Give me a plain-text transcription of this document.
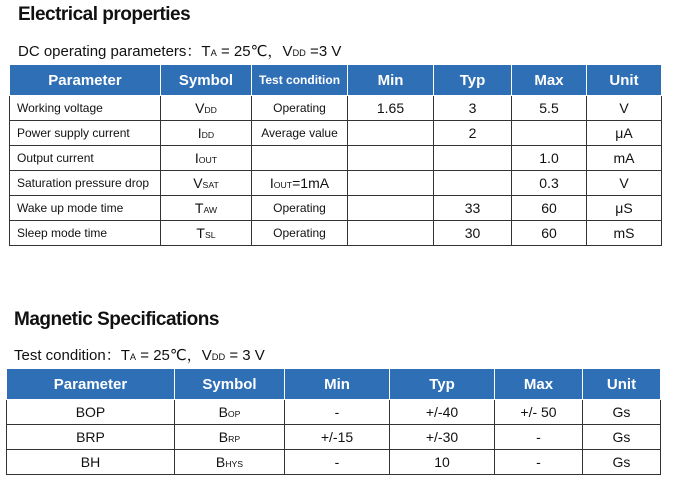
Electrical properties
DC operating parameters：$T_A$ = 25℃，$V_{DD} =3$ V
Parameter	Symbol	Test condition	Min	Typ	Max	Unit
Working voltage	$V_{DD}$	Operating	1.65	3	5.5	V
Power supply current	$I_{DD}$	Average value		2		μA
Output current	$I_{OUT}$				1.0	mA
Saturation pressure drop	$V_{SAT}$	$I_{OUT}=1mA$			0.3	V
Wake up mode time	$T_{AW}$	Operating		33	60	μS
Sleep mode time	$T_{SL}$	Operating		30	60	mS
Magnetic Specifications
Test condition：$T_A$ = 25℃，$V_{DD} = 3$ V
Parameter	Symbol	Min	Typ	Max	Unit
BOP	$B_{OP}$	-	+/-40	+/- 50	Gs
BRP	$B_{RP}$	+/-15	+/-30	-	Gs
BH	$B_{HYS}$	-	10	-	Gs
